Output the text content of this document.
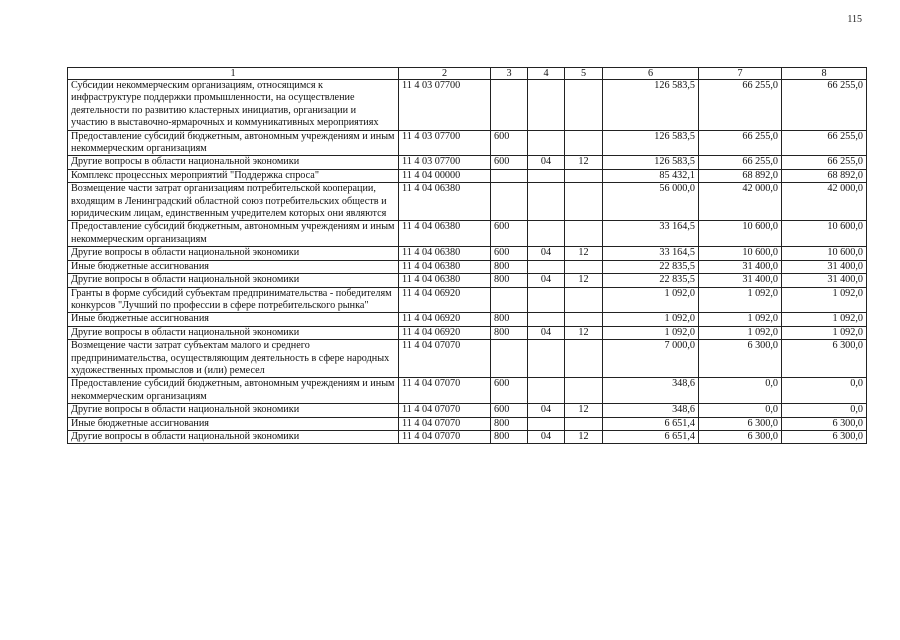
115
1	2	3	4	5	6	7	8
Субсидии некоммерческим организациям, относящимся к инфраструктуре поддержки промышленности, на осуществление деятельности по развитию кластерных инициатив, организации и участию в выставочно-ярмарочных и коммуникативных мероприятиях	11 4 03 07700				126 583,5	66 255,0	66 255,0
Предоставление субсидий бюджетным, автономным учреждениям и иным некоммерческим организациям	11 4 03 07700	600			126 583,5	66 255,0	66 255,0
Другие вопросы в области национальной экономики	11 4 03 07700	600	04	12	126 583,5	66 255,0	66 255,0
Комплекс процессных мероприятий "Поддержка спроса"	11 4 04 00000				85 432,1	68 892,0	68 892,0
Возмещение части затрат организациям потребительской кооперации, входящим в Ленинградский областной союз потребительских обществ и юридическим лицам, единственным учредителем которых они являются	11 4 04 06380				56 000,0	42 000,0	42 000,0
Предоставление субсидий бюджетным, автономным учреждениям и иным некоммерческим организациям	11 4 04 06380	600			33 164,5	10 600,0	10 600,0
Другие вопросы в области национальной экономики	11 4 04 06380	600	04	12	33 164,5	10 600,0	10 600,0
Иные бюджетные ассигнования	11 4 04 06380	800			22 835,5	31 400,0	31 400,0
Другие вопросы в области национальной экономики	11 4 04 06380	800	04	12	22 835,5	31 400,0	31 400,0
Гранты в форме субсидий субъектам предпринимательства - победителям конкурсов "Лучший по профессии в сфере потребительского рынка"	11 4 04 06920				1 092,0	1 092,0	1 092,0
Иные бюджетные ассигнования	11 4 04 06920	800			1 092,0	1 092,0	1 092,0
Другие вопросы в области национальной экономики	11 4 04 06920	800	04	12	1 092,0	1 092,0	1 092,0
Возмещение части затрат субъектам малого и среднего предпринимательства, осуществляющим деятельность в сфере народных художественных промыслов и (или) ремесел	11 4 04 07070				7 000,0	6 300,0	6 300,0
Предоставление субсидий бюджетным, автономным учреждениям и иным некоммерческим организациям	11 4 04 07070	600			348,6	0,0	0,0
Другие вопросы в области национальной экономики	11 4 04 07070	600	04	12	348,6	0,0	0,0
Иные бюджетные ассигнования	11 4 04 07070	800			6 651,4	6 300,0	6 300,0
Другие вопросы в области национальной экономики	11 4 04 07070	800	04	12	6 651,4	6 300,0	6 300,0
